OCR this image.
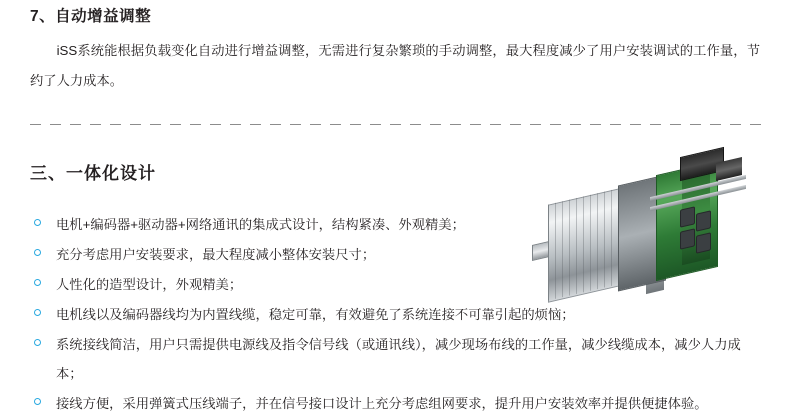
7、自动增益调整

iSS系统能根据负载变化自动进行增益调整，无需进行复杂繁琐的手动调整，最大程度减少了用户安装调试的工作量，节约了人力成本。

三、一体化设计
电机+编码器+驱动器+网络通讯的集成式设计，结构紧凑、外观精美；
充分考虑用户安装要求，最大程度减小整体安装尺寸；
人性化的造型设计，外观精美；
电机线以及编码器线均为内置线缆，稳定可靠，有效避免了系统连接不可靠引起的烦恼；
系统接线简洁，用户只需提供电源线及指令信号线（或通讯线），减少现场布线的工作量，减少线缆成本，减少人力成本；
接线方便，采用弹簧式压线端子，并在信号接口设计上充分考虑组网要求，提升用户安装效率并提供便捷体验。
